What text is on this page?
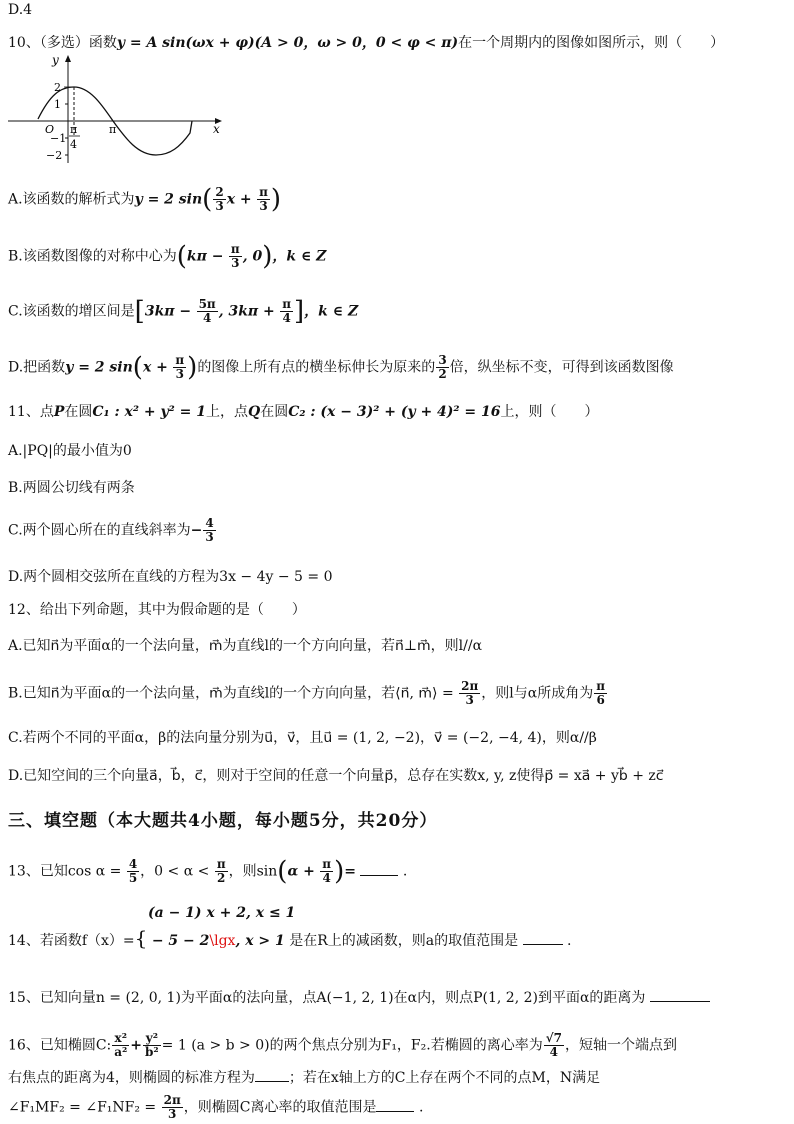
D.4
10、（多选）函数y = A sin(ωx + φ)(A > 0，ω > 0，0 < φ < π)在一个周期内的图像如图所示，则（　　）
y
x
2
1
O
−1
−2
π
4
π
A.该函数的解析式为y = 2 $\sin( \frac{2}{3}$ $x + \frac{\pi}{3}$ )
B.该函数图像的对称中心为($k\pi - \frac{\pi}{3}$ , 0)，k ∈ Z
C.该函数的增区间是[$3k\pi - \frac{5\pi}{4}$ , $3k\pi + \frac{\pi}{4}$ ]，k ∈ Z
D.把函数y = 2 $\sin(x + \frac{\pi}{3}$ )的图像上所有点的横坐标伸长为原来的 $\frac{3}{2}$ 倍，纵坐标不变，可得到该函数图像
11、点P在圆C₁ : x² + y² = 1上，点Q在圆C₂ : (x − 3)² + (y + 4)² = 16上，则（　　）
A.|PQ|的最小值为0
B.两圆公切线有两条
C.两个圆心所在的直线斜率为− $\frac{4}{3}$
D.两个圆相交弦所在直线的方程为3x − 4y − 5 = 0
12、给出下列命题，其中为假命题的是（　　）
A.已知n⃗为平面α的一个法向量，m⃗为直线l的一个方向向量，若n⃗⊥m⃗，则l//α
B.已知n⃗为平面α的一个法向量，m⃗为直线l的一个方向向量，若⟨n⃗, m⃗⟩ = $\frac{2\pi}{3}$ ，则l与α所成角为 $\frac{\pi}{6}$
C.若两个不同的平面α，β的法向量分别为u⃗，v⃗，且u⃗ = (1, 2, −2)，v⃗ = (−2, −4, 4)，则α//β
D.已知空间的三个向量a⃗，b⃗，c⃗，则对于空间的任意一个向量p⃗，总存在实数x, y, z使得p⃗ = xa⃗ + yb⃗ + zc⃗
三、填空题（本大题共4小题，每小题5分，共20分）
13、已知$\cos \alpha = \frac{4}{5}$ ，$0 < \alpha < \frac{\pi}{2}$ ，则$\sin(\alpha + \frac{\pi}{4}$ )=	.
(a − 1) x + 2, x ≤ 1
14、若函数f（x）={ − 5 − 2\lgx, x > 1 是在R上的减函数，则a的取值范围是	.
15、已知向量n = (2, 0, 1)为平面α的法向量，点A(−1, 2, 1)在α内，则点P(1, 2, 2)到平面α的距离为
16、已知椭圆C: $\frac{\text{x²}}{\text{a²}} + \frac{\text{y²}}{\text{b²}} = 1$ (a > b > 0)的两个焦点分别为F₁，F₂.若椭圆的离心率为 $\frac{√7}{4}$ ，短轴一个端点到
右焦点的距离为4，则椭圆的标准方程为 ；若在x轴上方的C上存在两个不同的点M，N满足
∠F₁MF₂ = ∠F₁NF₂ = $\frac{2\pi}{3}$ ，则椭圆C离心率的取值范围是	.
